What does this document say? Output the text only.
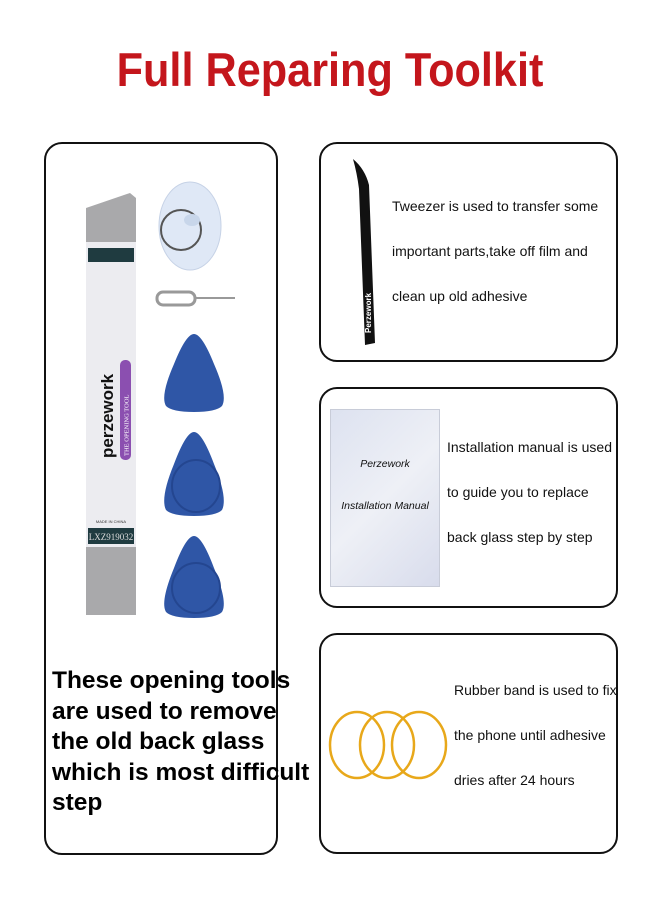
Full Reparing Toolkit
LXZ919032
perzework THE OPENING TOOL
MADE IN CHINA
These opening tools
are used to remove
the old back glass
which is most difficult
step
Perzework
Tweezer is used to transfer some
important parts,take off film and
clean up old adhesive
Perzework
Installation Manual
Installation manual is used
to guide you to replace
back glass step by step
Rubber band is used to fix
the phone until adhesive
dries after 24 hours
